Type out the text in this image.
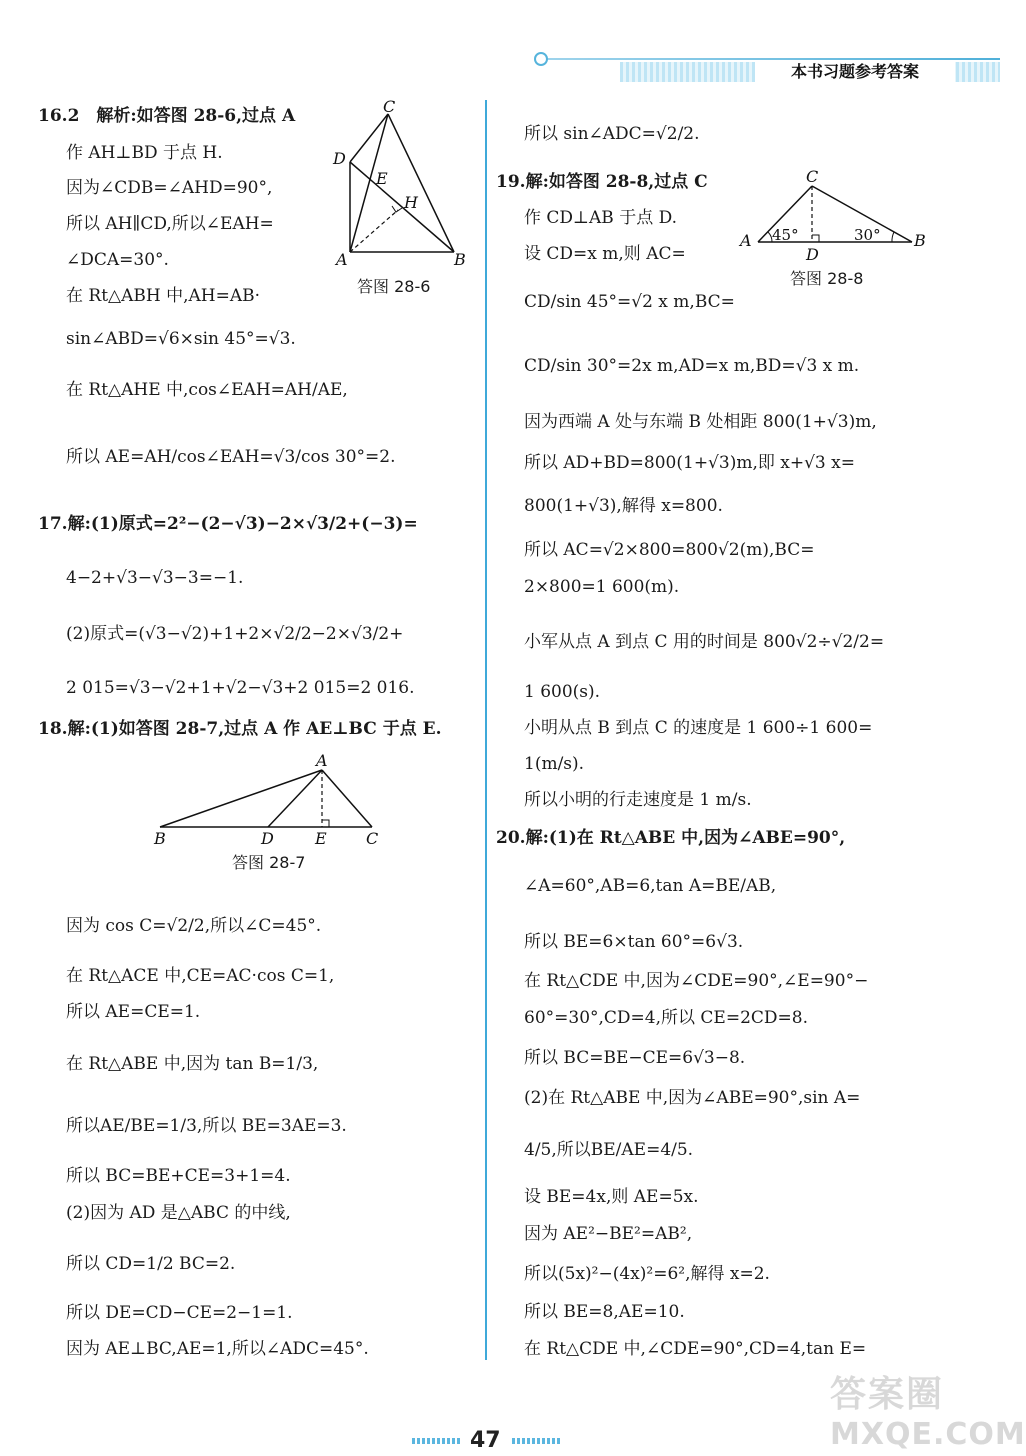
本书习题参考答案
16.2　解析:如答图 28-6,过点 A
作 AH⊥BD 于点 H.
因为∠CDB=∠AHD=90°,
所以 AH∥CD,所以∠EAH=
∠DCA=30°.
在 Rt△ABH 中,AH=AB·
sin∠ABD=√6×sin 45°=√3.
在 Rt△AHE 中,cos∠EAH=AH/AE,
所以 AE=AH/cos∠EAH=√3/cos 30°=2.
17.解:(1)原式=2²−(2−√3)−2×√3/2+(−3)=
4−2+√3−√3−3=−1.
(2)原式=(√3−√2)+1+2×√2/2−2×√3/2+
2 015=√3−√2+1+√2−√3+2 015=2 016.
18.解:(1)如答图 28-7,过点 A 作 AE⊥BC 于点 E.
A
B	D	E C
答图 28-7
因为 cos C=√2/2,所以∠C=45°.
在 Rt△ACE 中,CE=AC·cos C=1,
所以 AE=CE=1.
在 Rt△ABE 中,因为 tan B=1/3,
所以AE/BE=1/3,所以 BE=3AE=3.
所以 BC=BE+CE=3+1=4.
(2)因为 AD 是△ABC 的中线,
所以 CD=1/2 BC=2.
所以 DE=CD−CE=2−1=1.
因为 AE⊥BC,AE=1,所以∠ADC=45°.
C
D
E
H
A	B
答图 28-6
所以 sin∠ADC=√2/2.
19.解:如答图 28-8,过点 C
作 CD⊥AB 于点 D.
设 CD=x m,则 AC=
CD/sin 45°=√2 x m,BC=
CD/sin 30°=2x m,AD=x m,BD=√3 x m.
因为西端 A 处与东端 B 处相距 800(1+√3)m,
所以 AD+BD=800(1+√3)m,即 x+√3 x=
800(1+√3),解得 x=800.
所以 AC=√2×800=800√2(m),BC=
2×800=1 600(m).
小军从点 A 到点 C 用的时间是 800√2÷√2/2=
1 600(s).
小明从点 B 到点 C 的速度是 1 600÷1 600=
1(m/s).
所以小明的行走速度是 1 m/s.
20.解:(1)在 Rt△ABE 中,因为∠ABE=90°,
∠A=60°,AB=6,tan A=BE/AB,
所以 BE=6×tan 60°=6√3.
在 Rt△CDE 中,因为∠CDE=90°,∠E=90°−
60°=30°,CD=4,所以 CE=2CD=8.
所以 BC=BE−CE=6√3−8.
(2)在 Rt△ABE 中,因为∠ABE=90°,sin A=
4/5,所以BE/AE=4/5.
设 BE=4x,则 AE=5x.
因为 AE²−BE²=AB²,
所以(5x)²−(4x)²=6²,解得 x=2.
所以 BE=8,AE=10.
在 Rt△CDE 中,∠CDE=90°,CD=4,tan E=
C
A	B
D
45°	30°
答图 28-8
47
答案圈
MXQE.COM
